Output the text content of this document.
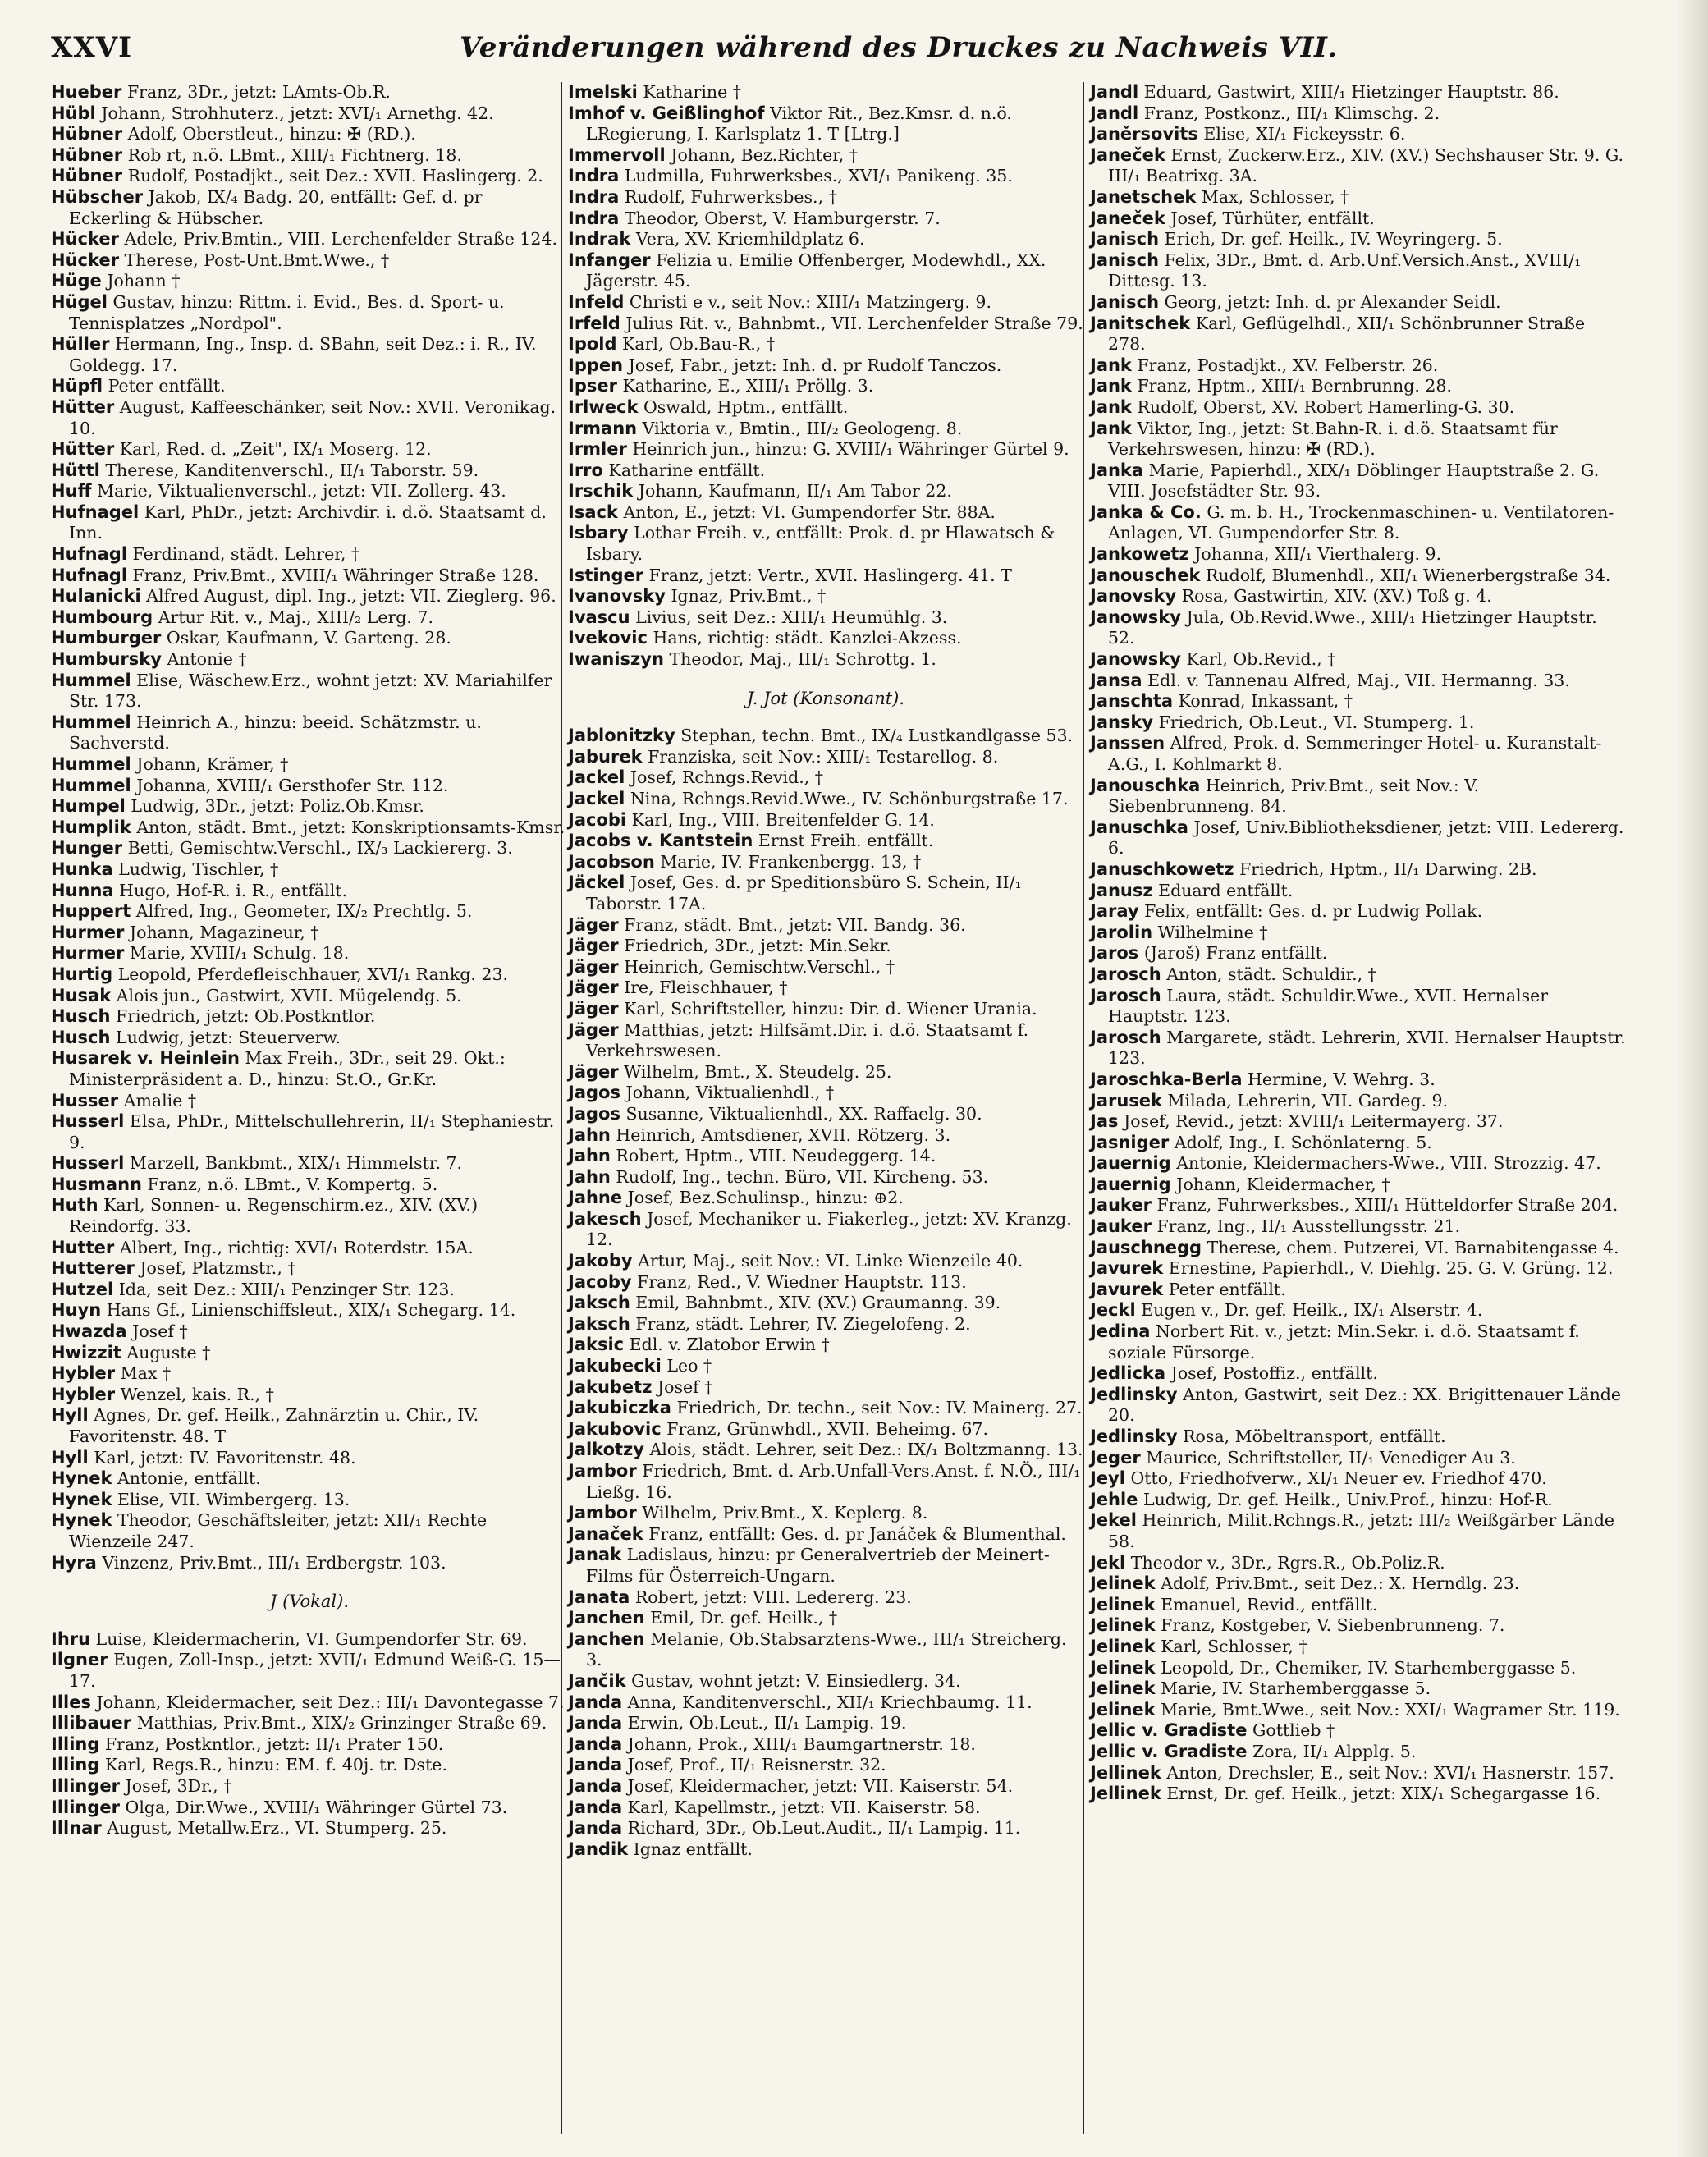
XXVI	Veränderungen während des Druckes zu Nachweis VII.

Hueber Franz, 3Dr., jetzt: LAmts-Ob.R.

Hübl Johann, Strohhuterz., jetzt: XVI/₁ Arnethg. 42.

Hübner Adolf, Oberstleut., hinzu: ✠ (RD.).

Hübner Rob rt, n.ö. LBmt., XIII/₁ Fichtnerg. 18.

Hübner Rudolf, Postadjkt., seit Dez.: XVII. Haslingerg. 2.

Hübscher Jakob, IX/₄ Badg. 20, entfällt: Gef. d. pr Eckerling & Hübscher.

Hücker Adele, Priv.Bmtin., VIII. Lerchenfelder Straße 124.

Hücker Therese, Post-Unt.Bmt.Wwe., †

Hüge Johann †

Hügel Gustav, hinzu: Rittm. i. Evid., Bes. d. Sport- u. Tennisplatzes „Nordpol".

Hüller Hermann, Ing., Insp. d. SBahn, seit Dez.: i. R., IV. Goldegg. 17.

Hüpfl Peter entfällt.

Hütter August, Kaffeeschänker, seit Nov.: XVII. Veronikag. 10.

Hütter Karl, Red. d. „Zeit", IX/₁ Moserg. 12.

Hüttl Therese, Kanditenverschl., II/₁ Taborstr. 59.

Huff Marie, Viktualienverschl., jetzt: VII. Zollerg. 43.

Hufnagel Karl, PhDr., jetzt: Archivdir. i. d.ö. Staatsamt d. Inn.

Hufnagl Ferdinand, städt. Lehrer, †

Hufnagl Franz, Priv.Bmt., XVIII/₁ Währinger Straße 128.

Hulanicki Alfred August, dipl. Ing., jetzt: VII. Zieglerg. 96.

Humbourg Artur Rit. v., Maj., XIII/₂ Lerg. 7.

Humburger Oskar, Kaufmann, V. Garteng. 28.

Humbursky Antonie †

Hummel Elise, Wäschew.Erz., wohnt jetzt: XV. Mariahilfer Str. 173.

Hummel Heinrich A., hinzu: beeid. Schätzmstr. u. Sachverstd.

Hummel Johann, Krämer, †

Hummel Johanna, XVIII/₁ Gersthofer Str. 112.

Humpel Ludwig, 3Dr., jetzt: Poliz.Ob.Kmsr.

Humplik Anton, städt. Bmt., jetzt: Konskriptionsamts-Kmsr.

Hunger Betti, Gemischtw.Verschl., IX/₃ Lackiererg. 3.

Hunka Ludwig, Tischler, †

Hunna Hugo, Hof-R. i. R., entfällt.

Huppert Alfred, Ing., Geometer, IX/₂ Prechtlg. 5.

Hurmer Johann, Magazineur, †

Hurmer Marie, XVIII/₁ Schulg. 18.

Hurtig Leopold, Pferdefleischhauer, XVI/₁ Rankg. 23.

Husak Alois jun., Gastwirt, XVII. Mügelendg. 5.

Husch Friedrich, jetzt: Ob.Postkntlor.

Husch Ludwig, jetzt: Steuerverw.

Husarek v. Heinlein Max Freih., 3Dr., seit 29. Okt.: Ministerpräsident a. D., hinzu: St.O., Gr.Kr.

Husser Amalie †

Husserl Elsa, PhDr., Mittelschullehrerin, II/₁ Stephaniestr. 9.

Husserl Marzell, Bankbmt., XIX/₁ Himmelstr. 7.

Husmann Franz, n.ö. LBmt., V. Kompertg. 5.

Huth Karl, Sonnen- u. Regenschirm.ez., XIV. (XV.) Reindorfg. 33.

Hutter Albert, Ing., richtig: XVI/₁ Roterdstr. 15A.

Hutterer Josef, Platzmstr., †

Hutzel Ida, seit Dez.: XIII/₁ Penzinger Str. 123.

Huyn Hans Gf., Linienschiffsleut., XIX/₁ Schegarg. 14.

Hwazda Josef †

Hwizzit Auguste †

Hybler Max †

Hybler Wenzel, kais. R., †

Hyll Agnes, Dr. gef. Heilk., Zahnärztin u. Chir., IV. Favoritenstr. 48. T

Hyll Karl, jetzt: IV. Favoritenstr. 48.

Hynek Antonie, entfällt.

Hynek Elise, VII. Wimbergerg. 13.

Hynek Theodor, Geschäftsleiter, jetzt: XII/₁ Rechte Wienzeile 247.

Hyra Vinzenz, Priv.Bmt., III/₁ Erdbergstr. 103.

J (Vokal).

Ihru Luise, Kleidermacherin, VI. Gumpendorfer Str. 69.

Ilgner Eugen, Zoll-Insp., jetzt: XVII/₁ Edmund Weiß-G. 15—17.

Illes Johann, Kleidermacher, seit Dez.: III/₁ Davontegasse 7.

Illibauer Matthias, Priv.Bmt., XIX/₂ Grinzinger Straße 69.

Illing Franz, Postkntlor., jetzt: II/₁ Prater 150.

Illing Karl, Regs.R., hinzu: EM. f. 40j. tr. Dste.

Illinger Josef, 3Dr., †

Illinger Olga, Dir.Wwe., XVIII/₁ Währinger Gürtel 73.

Illnar August, Metallw.Erz., VI. Stumperg. 25.

Imelski Katharine †

Imhof v. Geißlinghof Viktor Rit., Bez.Kmsr. d. n.ö. LRegierung, I. Karlsplatz 1. T [Ltrg.]

Immervoll Johann, Bez.Richter, †

Indra Ludmilla, Fuhrwerksbes., XVI/₁ Panikeng. 35.

Indra Rudolf, Fuhrwerksbes., †

Indra Theodor, Oberst, V. Hamburgerstr. 7.

Indrak Vera, XV. Kriemhildplatz 6.

Infanger Felizia u. Emilie Offenberger, Modewhdl., XX. Jägerstr. 45.

Infeld Christi e v., seit Nov.: XIII/₁ Matzingerg. 9.

Irfeld Julius Rit. v., Bahnbmt., VII. Lerchenfelder Straße 79.

Ipold Karl, Ob.Bau-R., †

Ippen Josef, Fabr., jetzt: Inh. d. pr Rudolf Tanczos.

Ipser Katharine, E., XIII/₁ Pröllg. 3.

Irlweck Oswald, Hptm., entfällt.

Irmann Viktoria v., Bmtin., III/₂ Geologeng. 8.

Irmler Heinrich jun., hinzu: G. XVIII/₁ Währinger Gürtel 9.

Irro Katharine entfällt.

Irschik Johann, Kaufmann, II/₁ Am Tabor 22.

Isack Anton, E., jetzt: VI. Gumpendorfer Str. 88A.

Isbary Lothar Freih. v., entfällt: Prok. d. pr Hlawatsch & Isbary.

Istinger Franz, jetzt: Vertr., XVII. Haslingerg. 41. T

Ivanovsky Ignaz, Priv.Bmt., †

Ivascu Livius, seit Dez.: XIII/₁ Heumühlg. 3.

Ivekovic Hans, richtig: städt. Kanzlei-Akzess.

Iwaniszyn Theodor, Maj., III/₁ Schrottg. 1.

J. Jot (Konsonant).

Jablonitzky Stephan, techn. Bmt., IX/₄ Lustkandlgasse 53.

Jaburek Franziska, seit Nov.: XIII/₁ Testarellog. 8.

Jackel Josef, Rchngs.Revid., †

Jackel Nina, Rchngs.Revid.Wwe., IV. Schönburgstraße 17.

Jacobi Karl, Ing., VIII. Breitenfelder G. 14.

Jacobs v. Kantstein Ernst Freih. entfällt.

Jacobson Marie, IV. Frankenbergg. 13, †

Jäckel Josef, Ges. d. pr Speditionsbüro S. Schein, II/₁ Taborstr. 17A.

Jäger Franz, städt. Bmt., jetzt: VII. Bandg. 36.

Jäger Friedrich, 3Dr., jetzt: Min.Sekr.

Jäger Heinrich, Gemischtw.Verschl., †

Jäger Ire, Fleischhauer, †

Jäger Karl, Schriftsteller, hinzu: Dir. d. Wiener Urania.

Jäger Matthias, jetzt: Hilfsämt.Dir. i. d.ö. Staatsamt f. Verkehrswesen.

Jäger Wilhelm, Bmt., X. Steudelg. 25.

Jagos Johann, Viktualienhdl., †

Jagos Susanne, Viktualienhdl., XX. Raffaelg. 30.

Jahn Heinrich, Amtsdiener, XVII. Rötzerg. 3.

Jahn Robert, Hptm., VIII. Neudeggerg. 14.

Jahn Rudolf, Ing., techn. Büro, VII. Kircheng. 53.

Jahne Josef, Bez.Schulinsp., hinzu: ⊕2.

Jakesch Josef, Mechaniker u. Fiakerleg., jetzt: XV. Kranzg. 12.

Jakoby Artur, Maj., seit Nov.: VI. Linke Wienzeile 40.

Jacoby Franz, Red., V. Wiedner Hauptstr. 113.

Jaksch Emil, Bahnbmt., XIV. (XV.) Graumanng. 39.

Jaksch Franz, städt. Lehrer, IV. Ziegelofeng. 2.

Jaksic Edl. v. Zlatobor Erwin †

Jakubecki Leo †

Jakubetz Josef †

Jakubiczka Friedrich, Dr. techn., seit Nov.: IV. Mainerg. 27.

Jakubovic Franz, Grünwhdl., XVII. Beheimg. 67.

Jalkotzy Alois, städt. Lehrer, seit Dez.: IX/₁ Boltzmanng. 13.

Jambor Friedrich, Bmt. d. Arb.Unfall-Vers.Anst. f. N.Ö., III/₁ Ließg. 16.

Jambor Wilhelm, Priv.Bmt., X. Keplerg. 8.

Janaček Franz, entfällt: Ges. d. pr Janáček & Blumenthal.

Janak Ladislaus, hinzu: pr Generalvertrieb der Meinert-Films für Österreich-Ungarn.

Janata Robert, jetzt: VIII. Ledererg. 23.

Janchen Emil, Dr. gef. Heilk., †

Janchen Melanie, Ob.Stabsarztens-Wwe., III/₁ Streicherg. 3.

Jančik Gustav, wohnt jetzt: V. Einsiedlerg. 34.

Janda Anna, Kanditenverschl., XII/₁ Kriechbaumg. 11.

Janda Erwin, Ob.Leut., II/₁ Lampig. 19.

Janda Johann, Prok., XIII/₁ Baumgartnerstr. 18.

Janda Josef, Prof., II/₁ Reisnerstr. 32.

Janda Josef, Kleidermacher, jetzt: VII. Kaiserstr. 54.

Janda Karl, Kapellmstr., jetzt: VII. Kaiserstr. 58.

Janda Richard, 3Dr., Ob.Leut.Audit., II/₁ Lampig. 11.

Jandik Ignaz entfällt.

Jandl Eduard, Gastwirt, XIII/₁ Hietzinger Hauptstr. 86.

Jandl Franz, Postkonz., III/₁ Klimschg. 2.

Janěrsovits Elise, XI/₁ Fickeysstr. 6.

Janeček Ernst, Zuckerw.Erz., XIV. (XV.) Sechshauser Str. 9. G. III/₁ Beatrixg. 3A.

Janetschek Max, Schlosser, †

Janeček Josef, Türhüter, entfällt.

Janisch Erich, Dr. gef. Heilk., IV. Weyringerg. 5.

Janisch Felix, 3Dr., Bmt. d. Arb.Unf.Versich.Anst., XVIII/₁ Dittesg. 13.

Janisch Georg, jetzt: Inh. d. pr Alexander Seidl.

Janitschek Karl, Geflügelhdl., XII/₁ Schönbrunner Straße 278.

Jank Franz, Postadjkt., XV. Felberstr. 26.

Jank Franz, Hptm., XIII/₁ Bernbrunng. 28.

Jank Rudolf, Oberst, XV. Robert Hamerling-G. 30.

Jank Viktor, Ing., jetzt: St.Bahn-R. i. d.ö. Staatsamt für Verkehrswesen, hinzu: ✠ (RD.).

Janka Marie, Papierhdl., XIX/₁ Döblinger Hauptstraße 2. G. VIII. Josefstädter Str. 93.

Janka & Co. G. m. b. H., Trockenmaschinen- u. Ventilatoren-Anlagen, VI. Gumpendorfer Str. 8.

Jankowetz Johanna, XII/₁ Vierthalerg. 9.

Janouschek Rudolf, Blumenhdl., XII/₁ Wienerbergstraße 34.

Janovsky Rosa, Gastwirtin, XIV. (XV.) Toß g. 4.

Janowsky Jula, Ob.Revid.Wwe., XIII/₁ Hietzinger Hauptstr. 52.

Janowsky Karl, Ob.Revid., †

Jansa Edl. v. Tannenau Alfred, Maj., VII. Hermanng. 33.

Janschta Konrad, Inkassant, †

Jansky Friedrich, Ob.Leut., VI. Stumperg. 1.

Janssen Alfred, Prok. d. Semmeringer Hotel- u. Kuranstalt-A.G., I. Kohlmarkt 8.

Janouschka Heinrich, Priv.Bmt., seit Nov.: V. Siebenbrunneng. 84.

Januschka Josef, Univ.Bibliotheksdiener, jetzt: VIII. Ledererg. 6.

Januschkowetz Friedrich, Hptm., II/₁ Darwing. 2B.

Janusz Eduard entfällt.

Jaray Felix, entfällt: Ges. d. pr Ludwig Pollak.

Jarolin Wilhelmine †

Jaros (Jaroš) Franz entfällt.

Jarosch Anton, städt. Schuldir., †

Jarosch Laura, städt. Schuldir.Wwe., XVII. Hernalser Hauptstr. 123.

Jarosch Margarete, städt. Lehrerin, XVII. Hernalser Hauptstr. 123.

Jaroschka-Berla Hermine, V. Wehrg. 3.

Jarusek Milada, Lehrerin, VII. Gardeg. 9.

Jas Josef, Revid., jetzt: XVIII/₁ Leitermayerg. 37.

Jasniger Adolf, Ing., I. Schönlaterng. 5.

Jauernig Antonie, Kleidermachers-Wwe., VIII. Strozzig. 47.

Jauernig Johann, Kleidermacher, †

Jauker Franz, Fuhrwerksbes., XIII/₁ Hütteldorfer Straße 204.

Jauker Franz, Ing., II/₁ Ausstellungsstr. 21.

Jauschnegg Therese, chem. Putzerei, VI. Barnabitengasse 4.

Javurek Ernestine, Papierhdl., V. Diehlg. 25. G. V. Grüng. 12.

Javurek Peter entfällt.

Jeckl Eugen v., Dr. gef. Heilk., IX/₁ Alserstr. 4.

Jedina Norbert Rit. v., jetzt: Min.Sekr. i. d.ö. Staatsamt f. soziale Fürsorge.

Jedlicka Josef, Postoffiz., entfällt.

Jedlinsky Anton, Gastwirt, seit Dez.: XX. Brigittenauer Lände 20.

Jedlinsky Rosa, Möbeltransport, entfällt.

Jeger Maurice, Schriftsteller, II/₁ Venediger Au 3.

Jeyl Otto, Friedhofverw., XI/₁ Neuer ev. Friedhof 470.

Jehle Ludwig, Dr. gef. Heilk., Univ.Prof., hinzu: Hof-R.

Jekel Heinrich, Milit.Rchngs.R., jetzt: III/₂ Weißgärber Lände 58.

Jekl Theodor v., 3Dr., Rgrs.R., Ob.Poliz.R.

Jelinek Adolf, Priv.Bmt., seit Dez.: X. Herndlg. 23.

Jelinek Emanuel, Revid., entfällt.

Jelinek Franz, Kostgeber, V. Siebenbrunneng. 7.

Jelinek Karl, Schlosser, †

Jelinek Leopold, Dr., Chemiker, IV. Starhemberggasse 5.

Jelinek Marie, IV. Starhemberggasse 5.

Jelinek Marie, Bmt.Wwe., seit Nov.: XXI/₁ Wagramer Str. 119.

Jellic v. Gradiste Gottlieb †

Jellic v. Gradiste Zora, II/₁ Alpplg. 5.

Jellinek Anton, Drechsler, E., seit Nov.: XVI/₁ Hasnerstr. 157.

Jellinek Ernst, Dr. gef. Heilk., jetzt: XIX/₁ Schegargasse 16.
